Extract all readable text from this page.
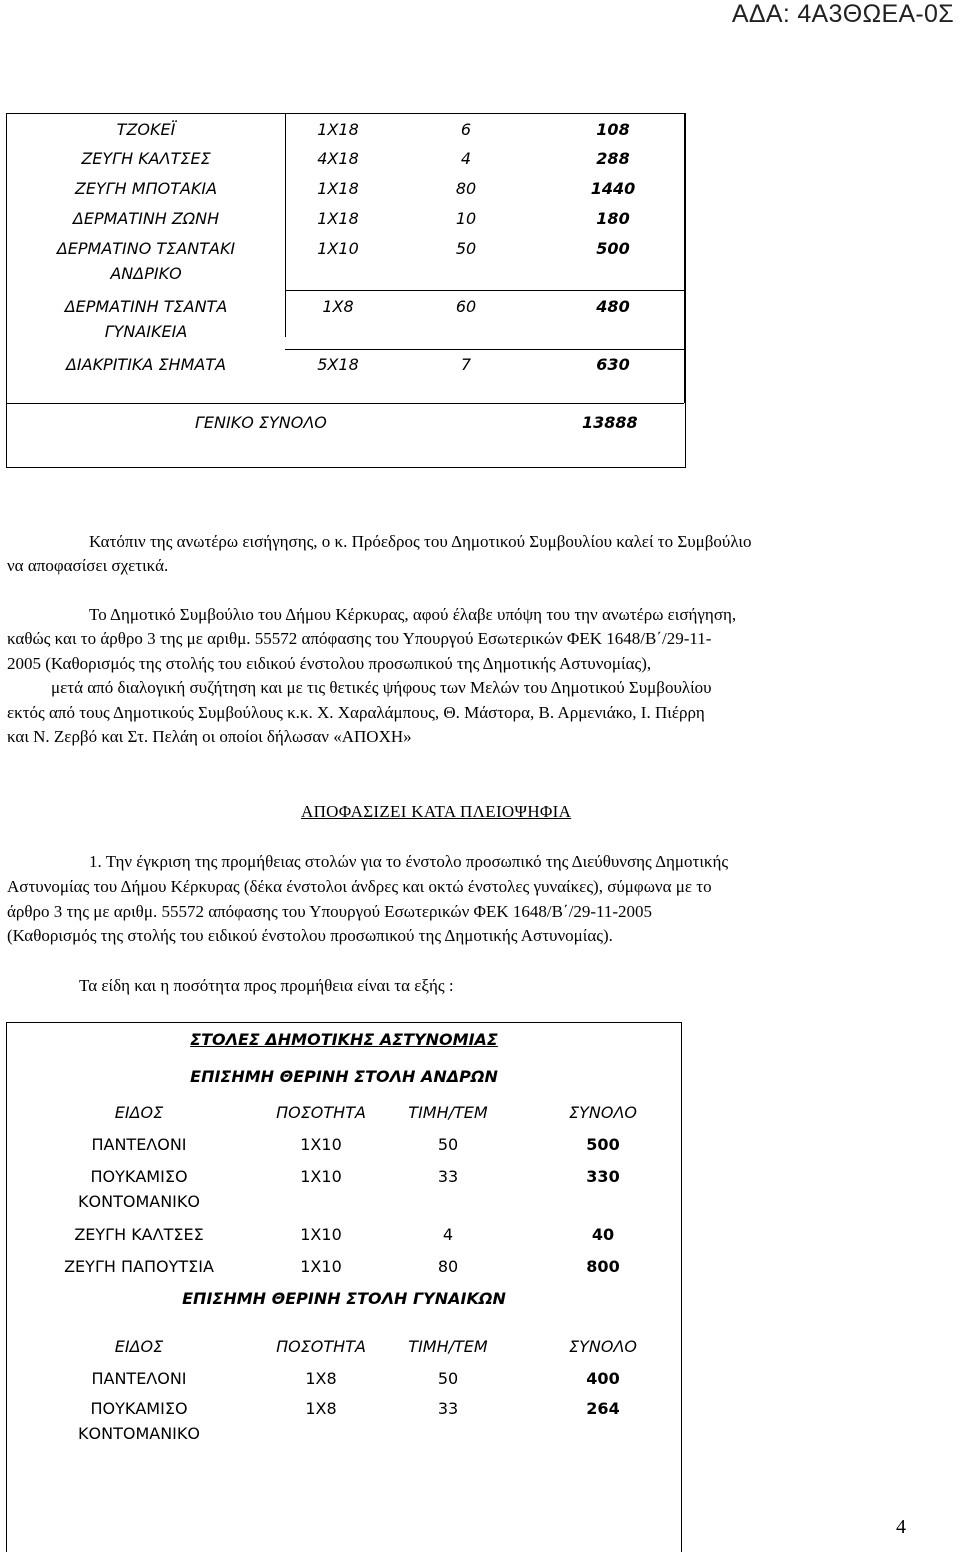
ΑΔΑ: 4Α3ΘΩΕΑ-0Σ
ΤΖΟΚΕΪ	1X18	6	108
ΖΕΥΓΗ ΚΑΛΤΣΕΣ	4X18	4	288
ΖΕΥΓΗ ΜΠΟΤΑΚΙΑ	1X18	80	1440
ΔΕΡΜΑΤΙΝΗ ΖΩΝΗ	1X18	10	180
ΔΕΡΜΑΤΙΝΟ ΤΣΑΝΤΑΚΙ
ΑΝΔΡΙΚΟ
1X10	50	500
ΔΕΡΜΑΤΙΝΗ ΤΣΑΝΤΑ
ΓΥΝΑΙΚΕΙΑ
1X8	60	480
ΔΙΑΚΡΙΤΙΚΑ ΣΗΜΑΤΑ	5X18	7	630
ΓΕΝΙΚΟ ΣΥΝΟΛΟ	13888
Κατόπιν της ανωτέρω εισήγησης, ο κ. Πρόεδρος του Δημοτικού Συμβουλίου καλεί το Συμβούλιο
να αποφασίσει σχετικά.
Το Δημοτικό Συμβούλιο του Δήμου Κέρκυρας, αφού έλαβε υπόψη του την ανωτέρω εισήγηση,
καθώς και το άρθρο 3 της με αριθμ. 55572 απόφασης του Υπουργού Εσωτερικών ΦΕΚ 1648/Β΄/29-11-
2005 (Καθορισμός της στολής του ειδικού ένστολου προσωπικού της Δημοτικής Αστυνομίας),
μετά από διαλογική συζήτηση και με τις θετικές ψήφους των Μελών του Δημοτικού Συμβουλίου
εκτός από τους Δημοτικούς Συμβούλους κ.κ. Χ. Χαραλάμπους, Θ. Μάστορα, Β. Αρμενιάκο, Ι. Πιέρρη
και Ν. Ζερβό και Στ. Πελάη οι οποίοι δήλωσαν «ΑΠΟΧΗ»
ΑΠΟΦΑΣΙΖΕΙ ΚΑΤΑ ΠΛΕΙΟΨΗΦΙΑ
1. Την έγκριση της προμήθειας στολών για το ένστολο προσωπικό της Διεύθυνσης Δημοτικής
Αστυνομίας του Δήμου Κέρκυρας (δέκα ένστολοι άνδρες και οκτώ ένστολες γυναίκες), σύμφωνα με το
άρθρο 3 της με αριθμ. 55572 απόφασης του Υπουργού Εσωτερικών ΦΕΚ 1648/Β΄/29-11-2005
(Καθορισμός της στολής του ειδικού ένστολου προσωπικού της Δημοτικής Αστυνομίας).
Τα είδη και η ποσότητα προς προμήθεια είναι τα εξής :
ΣΤΟΛΕΣ ΔΗΜΟΤΙΚΗΣ ΑΣΤΥΝΟΜΙΑΣ
ΕΠΙΣΗΜΗ ΘΕΡΙΝΗ ΣΤΟΛΗ ΑΝΔΡΩΝ
ΕΙΔΟΣ	ΠΟΣΟΤΗΤΑ	ΤΙΜΗ/ΤΕΜ	ΣΥΝΟΛΟ
ΠΑΝΤΕΛΟΝΙ	1X10	50	500
ΠΟΥΚΑΜΙΣΟ
ΚΟΝΤΟΜΑΝΙΚΟ
1X10	33	330
ΖΕΥΓΗ ΚΑΛΤΣΕΣ	1X10	4	40
ΖΕΥΓΗ ΠΑΠΟΥΤΣΙΑ	1X10	80	800
ΕΠΙΣΗΜΗ ΘΕΡΙΝΗ ΣΤΟΛΗ ΓΥΝΑΙΚΩΝ
ΕΙΔΟΣ	ΠΟΣΟΤΗΤΑ	ΤΙΜΗ/ΤΕΜ	ΣΥΝΟΛΟ
ΠΑΝΤΕΛΟΝΙ	1X8	50	400
ΠΟΥΚΑΜΙΣΟ
ΚΟΝΤΟΜΑΝΙΚΟ
1X8	33	264
4
